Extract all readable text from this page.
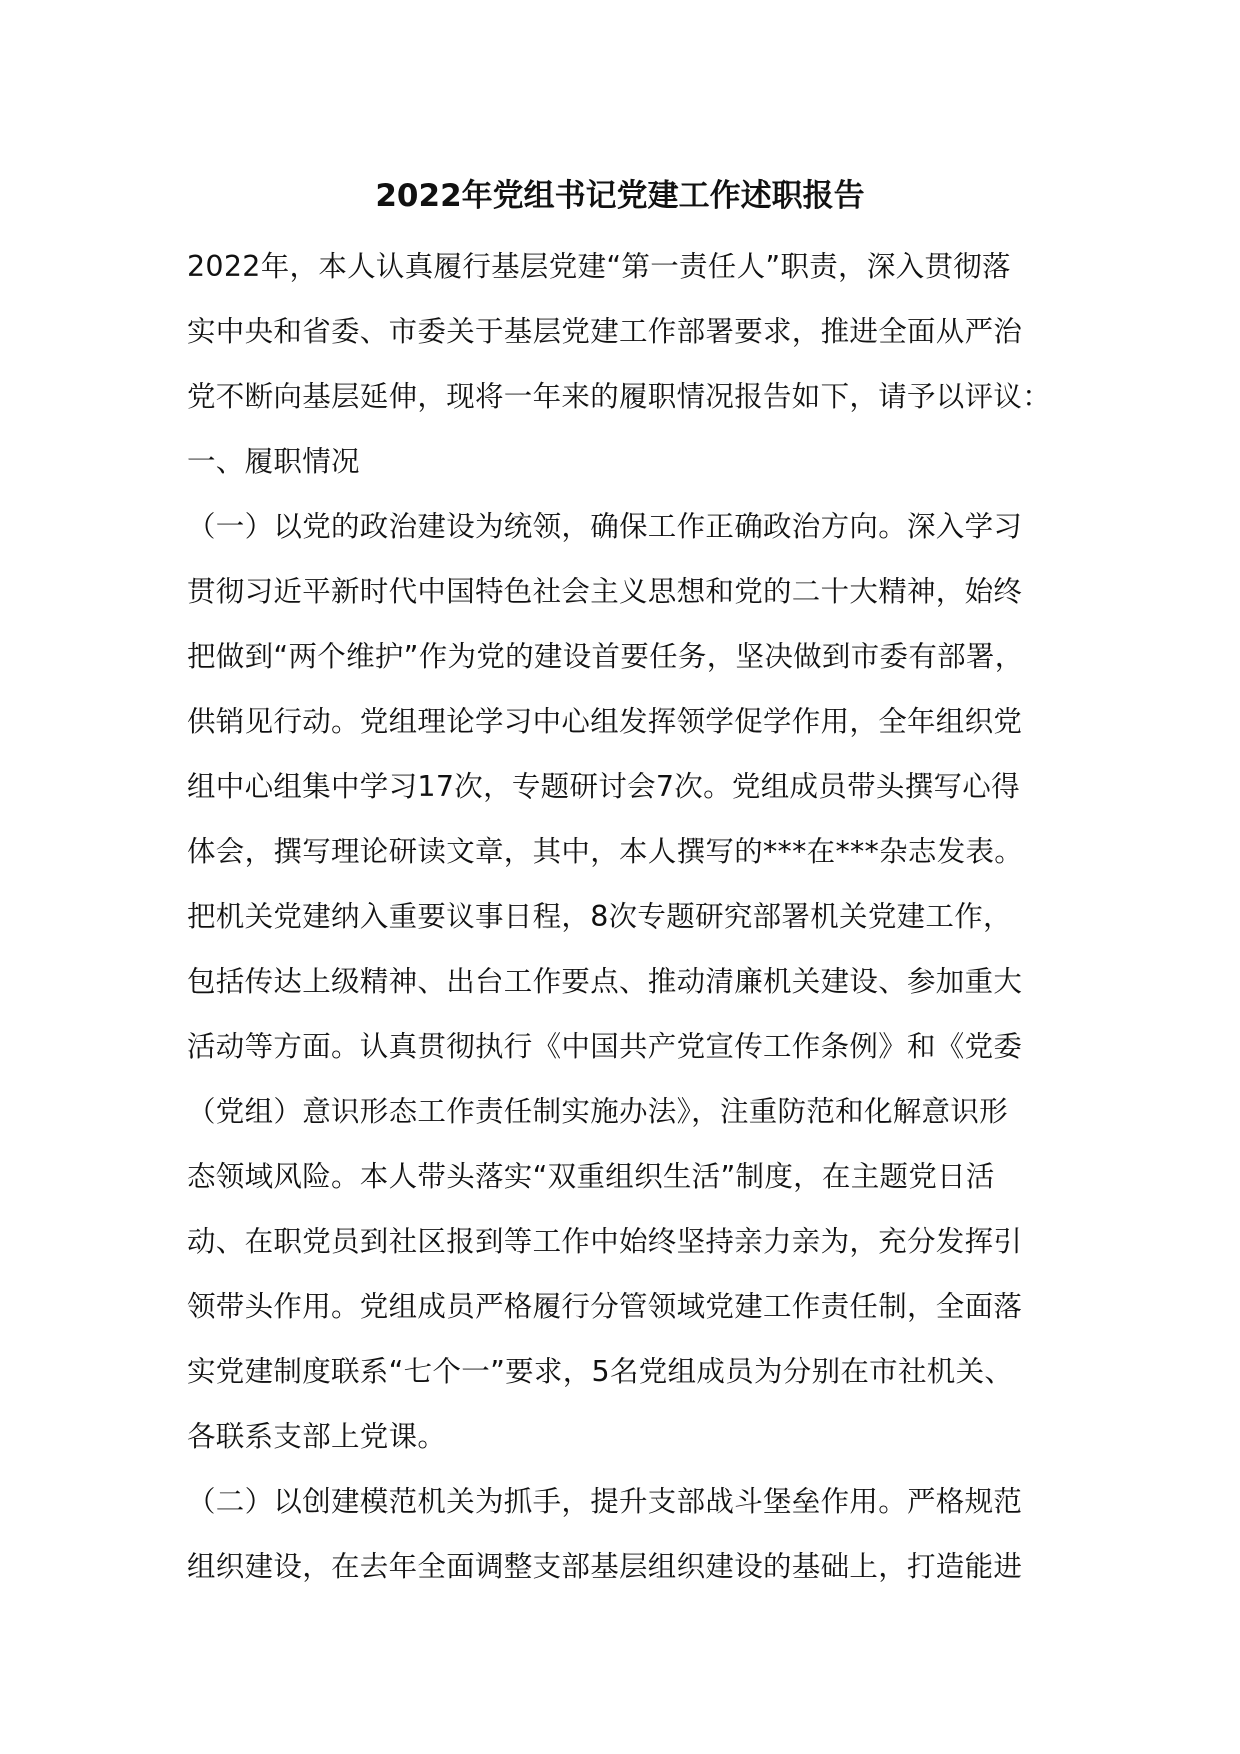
2022年党组书记党建工作述职报告
2022年，本人认真履行基层党建“第一责任人”职责，深入贯彻落
实中央和省委、市委关于基层党建工作部署要求，推进全面从严治
党不断向基层延伸，现将一年来的履职情况报告如下，请予以评议：
一、履职情况
（一）以党的政治建设为统领，确保工作正确政治方向。深入学习
贯彻习近平新时代中国特色社会主义思想和党的二十大精神，始终
把做到“两个维护”作为党的建设首要任务，坚决做到市委有部署，
供销见行动。党组理论学习中心组发挥领学促学作用，全年组织党
组中心组集中学习17次，专题研讨会7次。党组成员带头撰写心得
体会，撰写理论研读文章，其中，本人撰写的***在***杂志发表。
把机关党建纳入重要议事日程，8次专题研究部署机关党建工作，
包括传达上级精神、出台工作要点、推动清廉机关建设、参加重大
活动等方面。认真贯彻执行《中国共产党宣传工作条例》和《党委
（党组）意识形态工作责任制实施办法》，注重防范和化解意识形
态领域风险。本人带头落实“双重组织生活”制度，在主题党日活
动、在职党员到社区报到等工作中始终坚持亲力亲为，充分发挥引
领带头作用。党组成员严格履行分管领域党建工作责任制，全面落
实党建制度联系“七个一”要求，5名党组成员为分别在市社机关、
各联系支部上党课。
（二）以创建模范机关为抓手，提升支部战斗堡垒作用。严格规范
组织建设，在去年全面调整支部基层组织建设的基础上，打造能进
